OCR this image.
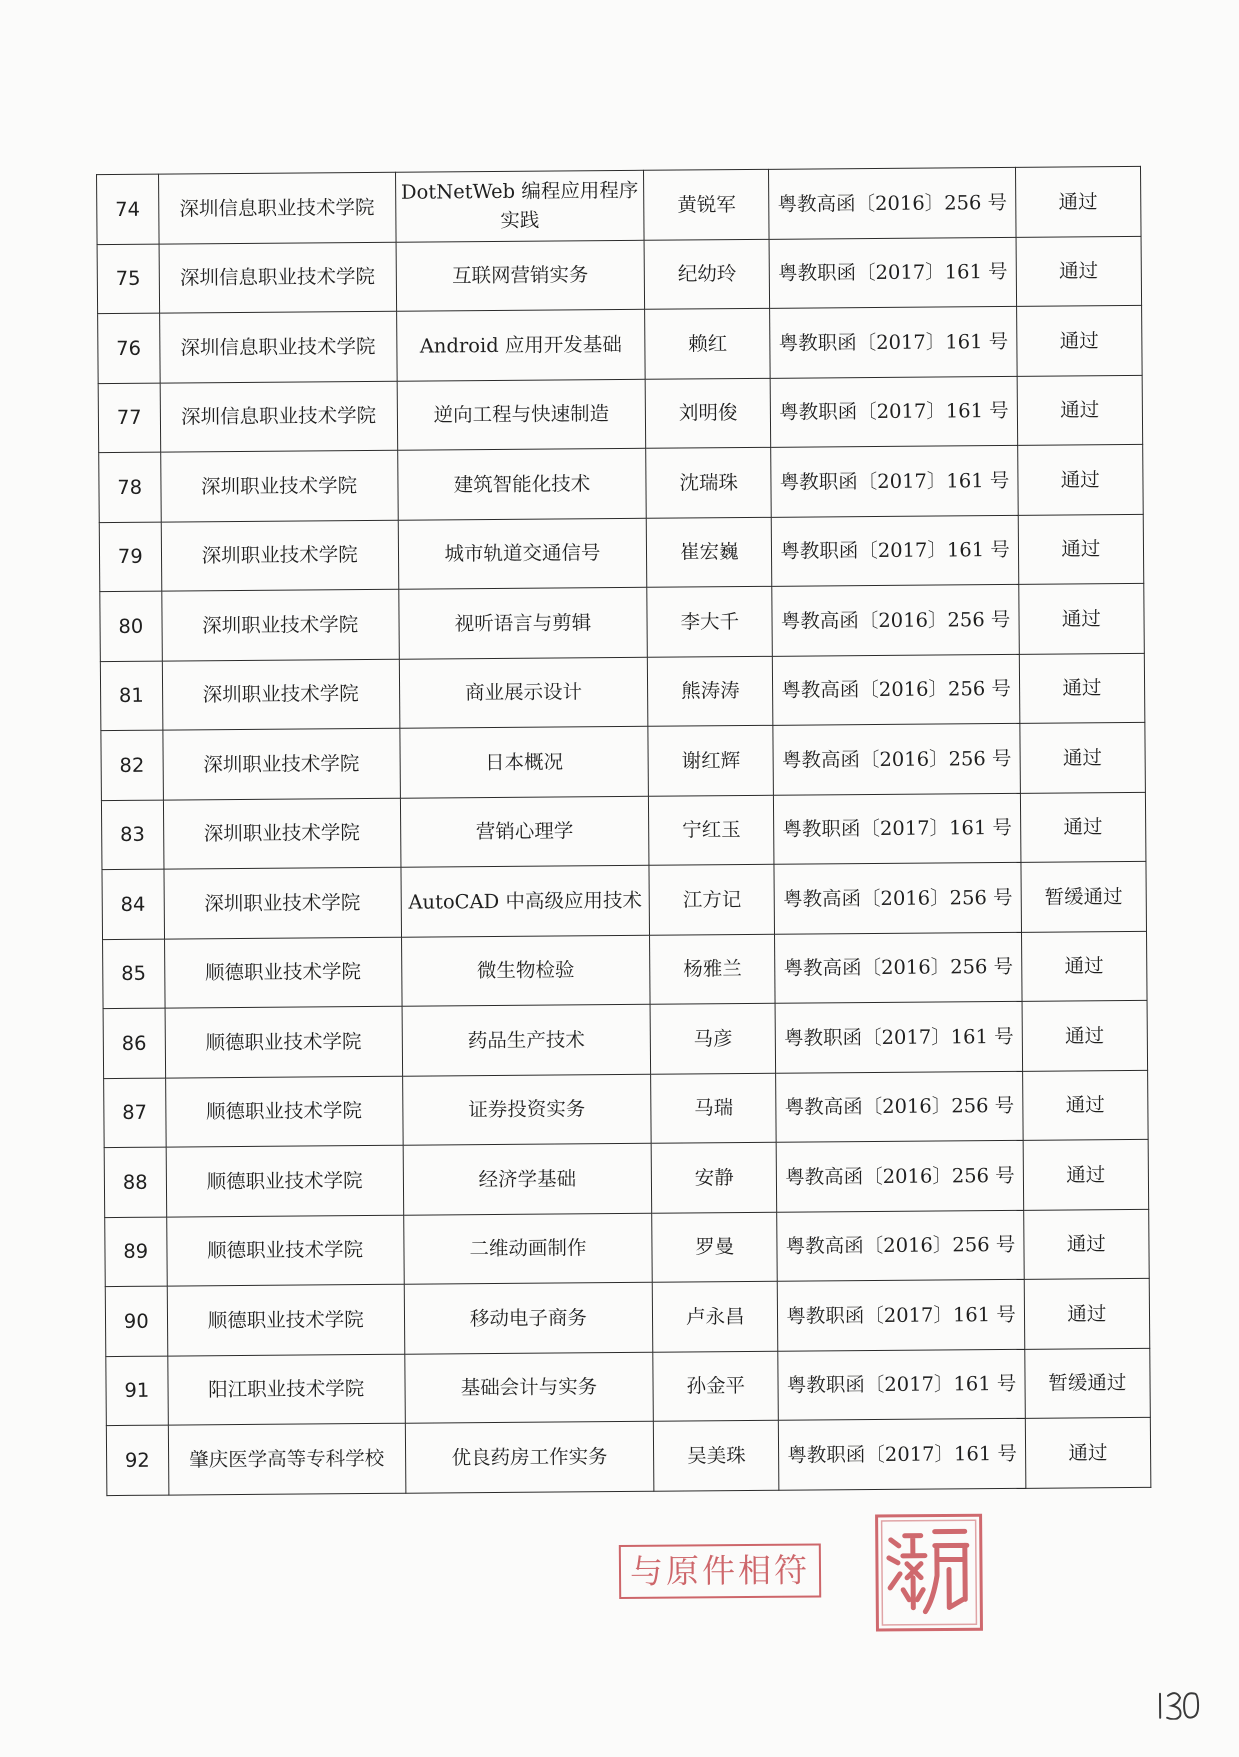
74	深圳信息职业技术学院	DotNetWeb 编程应用程序实践	黄锐军	粤教高函〔2016〕256 号	通过
75	深圳信息职业技术学院	互联网营销实务	纪幼玲	粤教职函〔2017〕161 号	通过
76	深圳信息职业技术学院	Android 应用开发基础	赖红	粤教职函〔2017〕161 号	通过
77	深圳信息职业技术学院	逆向工程与快速制造	刘明俊	粤教职函〔2017〕161 号	通过
78	深圳职业技术学院	建筑智能化技术	沈瑞珠	粤教职函〔2017〕161 号	通过
79	深圳职业技术学院	城市轨道交通信号	崔宏巍	粤教职函〔2017〕161 号	通过
80	深圳职业技术学院	视听语言与剪辑	李大千	粤教高函〔2016〕256 号	通过
81	深圳职业技术学院	商业展示设计	熊涛涛	粤教高函〔2016〕256 号	通过
82	深圳职业技术学院	日本概况	谢红辉	粤教高函〔2016〕256 号	通过
83	深圳职业技术学院	营销心理学	宁红玉	粤教职函〔2017〕161 号	通过
84	深圳职业技术学院	AutoCAD 中高级应用技术	江方记	粤教高函〔2016〕256 号	暂缓通过
85	顺德职业技术学院	微生物检验	杨雅兰	粤教高函〔2016〕256 号	通过
86	顺德职业技术学院	药品生产技术	马彦	粤教职函〔2017〕161 号	通过
87	顺德职业技术学院	证券投资实务	马瑞	粤教高函〔2016〕256 号	通过
88	顺德职业技术学院	经济学基础	安静	粤教高函〔2016〕256 号	通过
89	顺德职业技术学院	二维动画制作	罗曼	粤教高函〔2016〕256 号	通过
90	顺德职业技术学院	移动电子商务	卢永昌	粤教职函〔2017〕161 号	通过
91	阳江职业技术学院	基础会计与实务	孙金平	粤教职函〔2017〕161 号	暂缓通过
92	肇庆医学高等专科学校	优良药房工作实务	吴美珠	粤教职函〔2017〕161 号	通过
与原件相符
